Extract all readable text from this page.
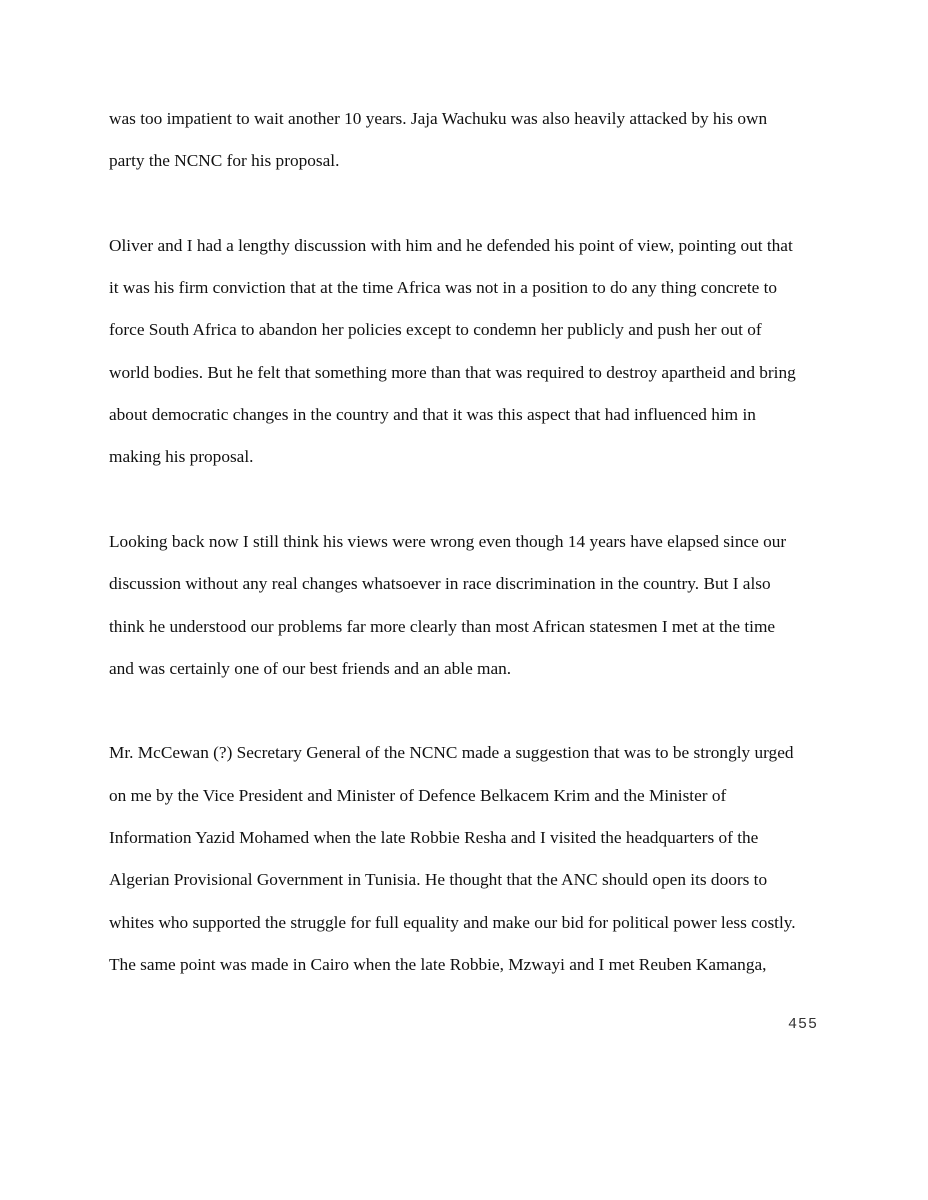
was too impatient to wait another 10 years. Jaja Wachuku was also heavily attacked by his own
party the NCNC for his proposal.
Oliver and I had a lengthy discussion with him and he defended his point of view, pointing out that
it was his firm conviction that at the time Africa was not in a position to do any thing concrete to
force South Africa to abandon her policies except to condemn her publicly and push her out of
world bodies. But he felt that something more than that was required to destroy apartheid and bring
about democratic changes in the country and that it was this aspect that had influenced him in
making his proposal.
Looking back now I still think his views were wrong even though 14 years have elapsed since our
discussion without any real changes whatsoever in race discrimination in the country. But I also
think he understood our problems far more clearly than most African statesmen I met at the time
and was certainly one of our best friends and an able man.
Mr. McCewan (?) Secretary General of the NCNC made a suggestion that was to be strongly urged
on me by the Vice President and Minister of Defence Belkacem Krim and the Minister of
Information Yazid Mohamed when the late Robbie Resha and I visited the headquarters of the
Algerian Provisional Government in Tunisia. He thought that the ANC should open its doors to
whites who supported the struggle for full equality and make our bid for political power less costly.
The same point was made in Cairo when the late Robbie, Mzwayi and I met Reuben Kamanga,
455
